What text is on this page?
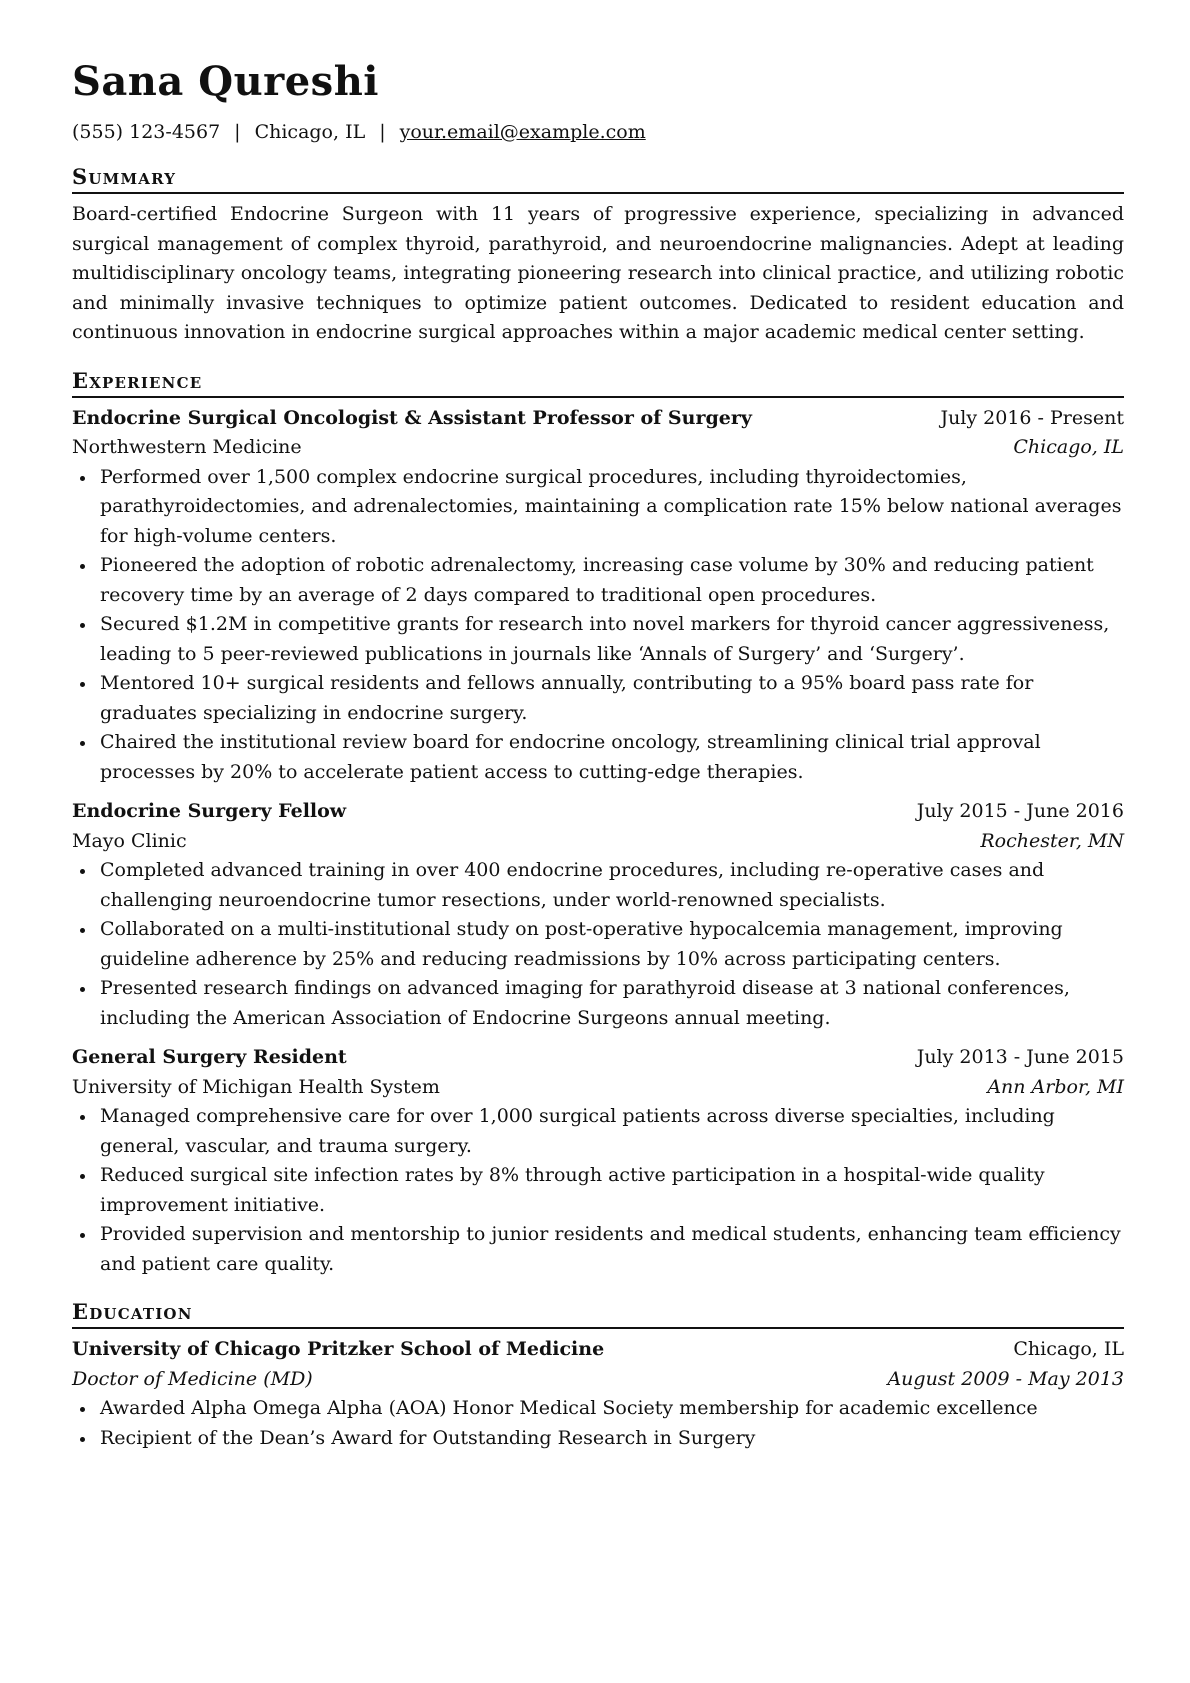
Sana Qureshi
(555) 123-4567 | Chicago, IL | your.email@example.com
Summary

Board-certified Endocrine Surgeon with 11 years of progressive experience, specializing in advanced surgical management of complex thyroid, parathyroid, and neuroendocrine malignancies. Adept at leading multidisciplinary oncology teams, integrating pioneering research into clinical practice, and utilizing robotic and minimally invasive techniques to optimize patient outcomes. Dedicated to resident education and continuous innovation in endocrine surgical approaches within a major academic medical center setting.

Experience
Endocrine Surgical Oncologist & Assistant Professor of Surgery	July 2016 - Present
Northwestern Medicine	Chicago, IL
Performed over 1,500 complex endocrine surgical procedures, including thyroidectomies, parathyroidectomies, and adrenalectomies, maintaining a complication rate 15% below national averages for high-volume centers.
Pioneered the adoption of robotic adrenalectomy, increasing case volume by 30% and reducing patient recovery time by an average of 2 days compared to traditional open procedures.
Secured $1.2M in competitive grants for research into novel markers for thyroid cancer aggressiveness, leading to 5 peer-reviewed publications in journals like ‘Annals of Surgery’ and ‘Surgery’.
Mentored 10+ surgical residents and fellows annually, contributing to a 95% board pass rate for graduates specializing in endocrine surgery.
Chaired the institutional review board for endocrine oncology, streamlining clinical trial approval processes by 20% to accelerate patient access to cutting-edge therapies.
Endocrine Surgery Fellow	July 2015 - June 2016
Mayo Clinic	Rochester, MN
Completed advanced training in over 400 endocrine procedures, including re-operative cases and challenging neuroendocrine tumor resections, under world-renowned specialists.
Collaborated on a multi-institutional study on post-operative hypocalcemia management, improving guideline adherence by 25% and reducing readmissions by 10% across participating centers.
Presented research findings on advanced imaging for parathyroid disease at 3 national conferences, including the American Association of Endocrine Surgeons annual meeting.
General Surgery Resident	July 2013 - June 2015
University of Michigan Health System	Ann Arbor, MI
Managed comprehensive care for over 1,000 surgical patients across diverse specialties, including general, vascular, and trauma surgery.
Reduced surgical site infection rates by 8% through active participation in a hospital-wide quality improvement initiative.
Provided supervision and mentorship to junior residents and medical students, enhancing team efficiency and patient care quality.
Education
University of Chicago Pritzker School of Medicine	Chicago, IL
Doctor of Medicine (MD)	August 2009 - May 2013
Awarded Alpha Omega Alpha (AOA) Honor Medical Society membership for academic excellence
Recipient of the Dean’s Award for Outstanding Research in Surgery
